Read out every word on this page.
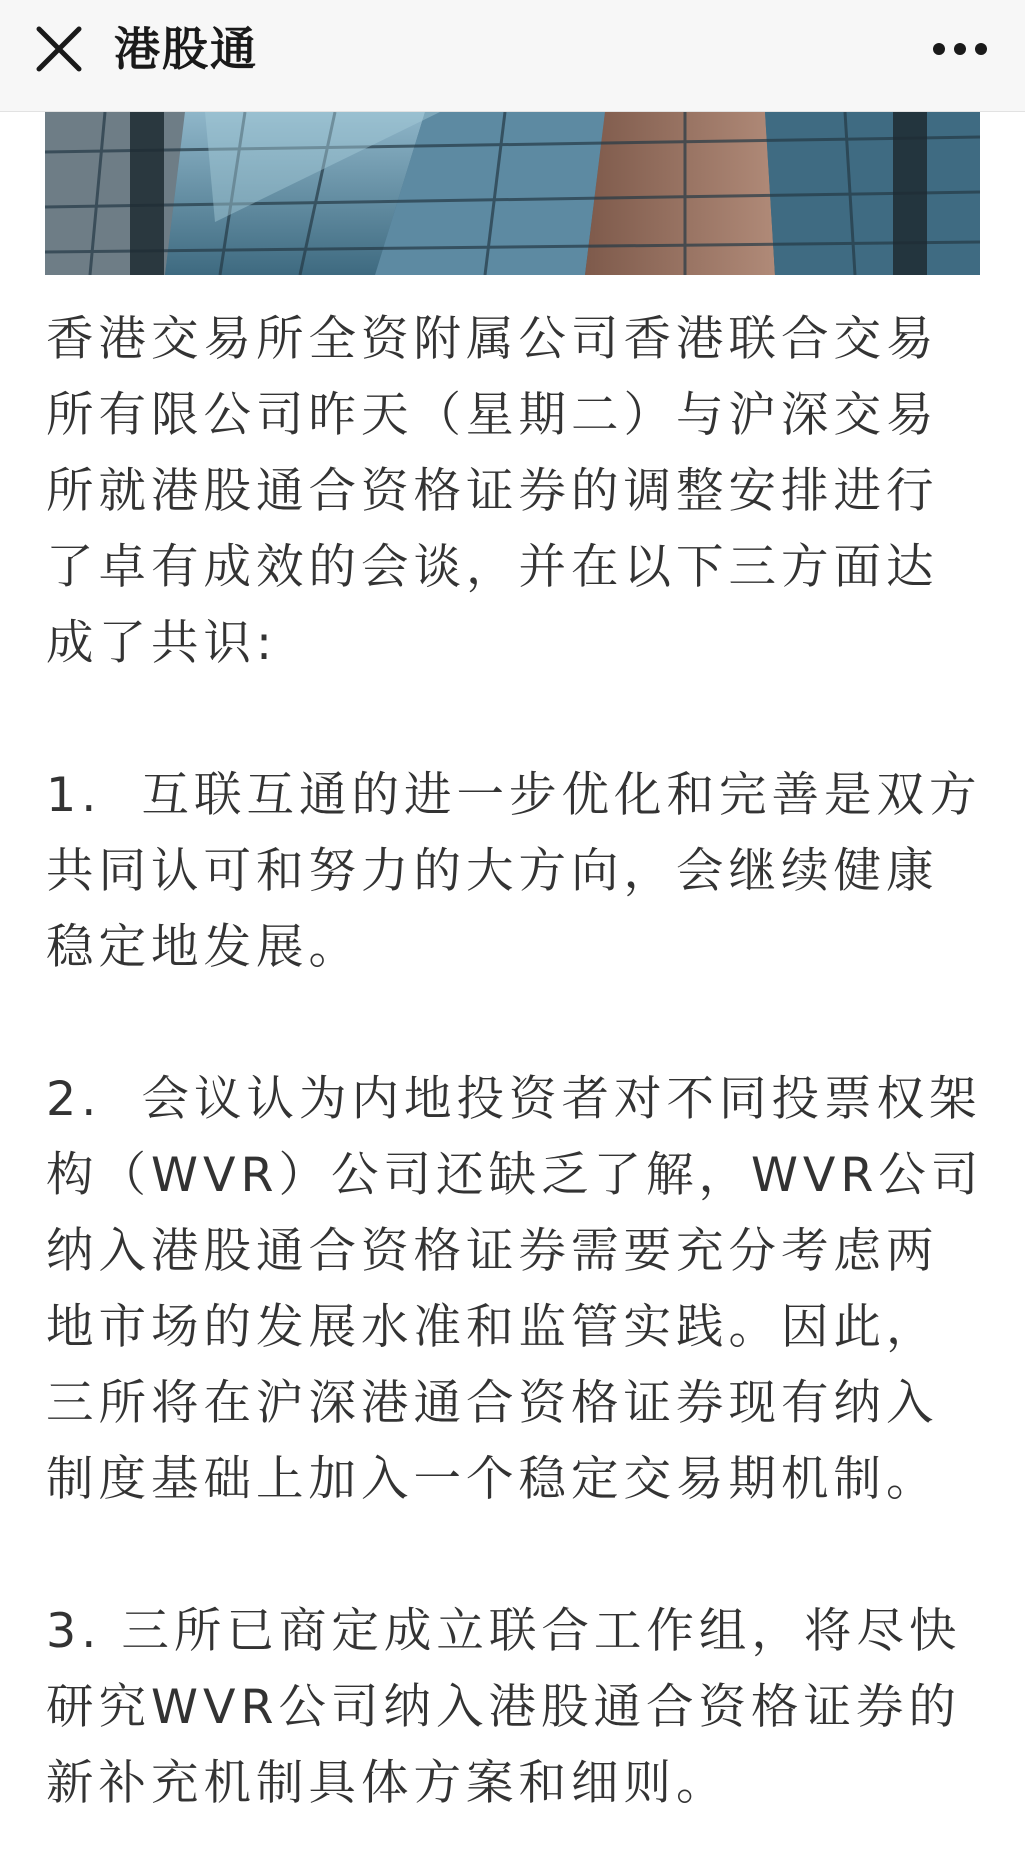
港股通

香港交易所全资附属公司香港联合交易
所有限公司昨天（星期二）与沪深交易
所就港股通合资格证券的调整安排进行
了卓有成效的会谈，并在以下三方面达
成了共识:

1.  互联互通的进一步优化和完善是双方
共同认可和努力的大方向，会继续健康
稳定地发展。

2.  会议认为内地投资者对不同投票权架
构（WVR）公司还缺乏了解，WVR公司
纳入港股通合资格证券需要充分考虑两
地市场的发展水准和监管实践。因此，
三所将在沪深港通合资格证券现有纳入
制度基础上加入一个稳定交易期机制。

3. 三所已商定成立联合工作组，将尽快
研究WVR公司纳入港股通合资格证券的
新补充机制具体方案和细则。
